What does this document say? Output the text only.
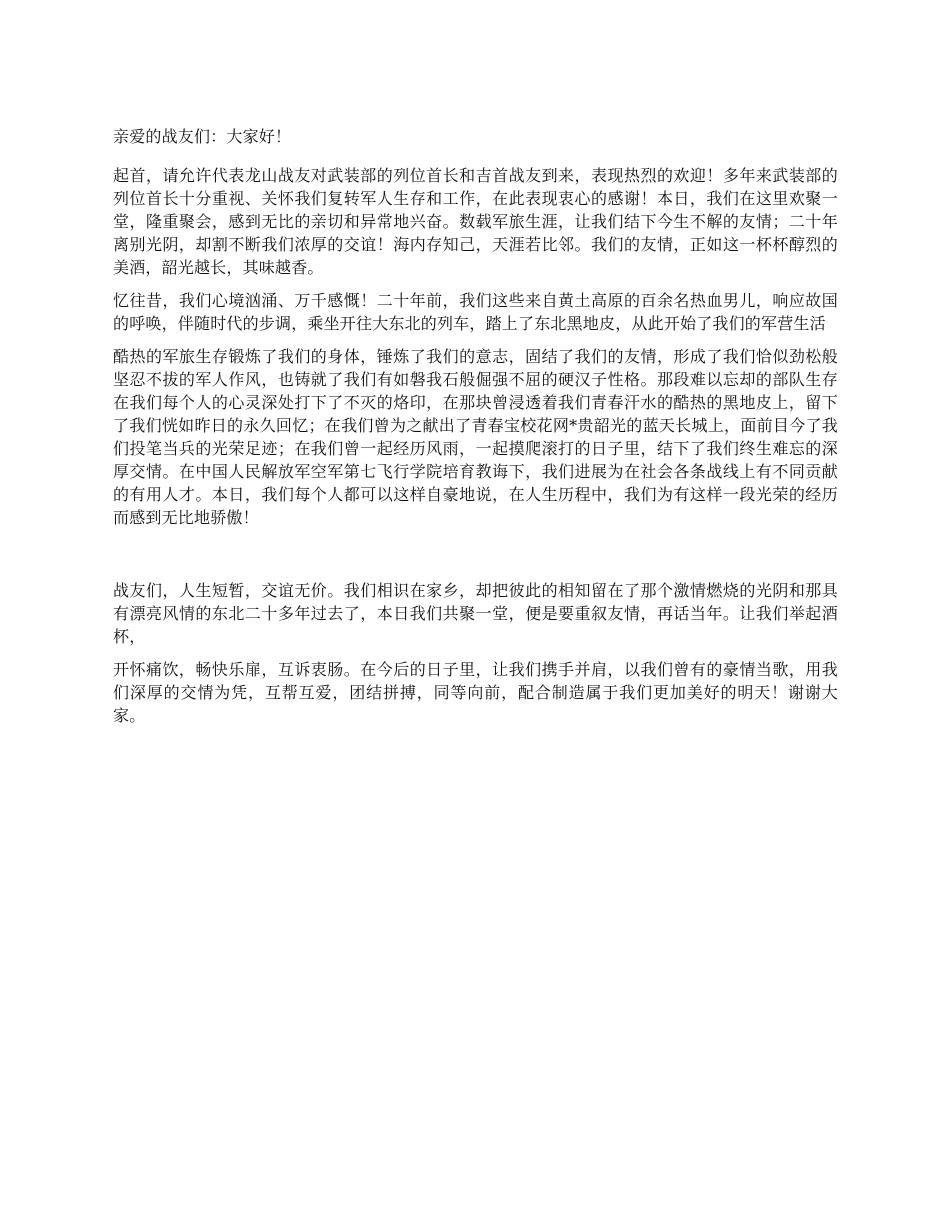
亲爱的战友们：大家好！

起首，请允许代表龙山战友对武装部的列位首长和吉首战友到来，表现热烈的欢迎！多年来武装部的列位首长十分重视、关怀我们复转军人生存和工作，在此表现衷心的感谢！本日，我们在这里欢聚一堂，隆重聚会，感到无比的亲切和异常地兴奋。数载军旅生涯，让我们结下今生不解的友情；二十年离别光阴，却割不断我们浓厚的交谊！海内存知己，天涯若比邻。我们的友情，正如这一杯杯醇烈的美酒，韶光越长，其味越香。

忆往昔，我们心境汹涌、万千感慨！二十年前，我们这些来自黄土高原的百余名热血男儿，响应故国的呼唤，伴随时代的步调，乘坐开往大东北的列车，踏上了东北黑地皮，从此开始了我们的军营生活

酷热的军旅生存锻炼了我们的身体，锤炼了我们的意志，固结了我们的友情，形成了我们恰似劲松般坚忍不拔的军人作风，也铸就了我们有如磐我石般倔强不屈的硬汉子性格。那段难以忘却的部队生存在我们每个人的心灵深处打下了不灭的烙印，在那块曾浸透着我们青春汗水的酷热的黑地皮上，留下了我们恍如昨日的永久回忆；在我们曾为之献出了青春宝校花网*贵韶光的蓝天长城上，面前目今了我们投笔当兵的光荣足迹；在我们曾一起经历风雨，一起摸爬滚打的日子里，结下了我们终生难忘的深厚交情。在中国人民解放军空军第七飞行学院培育教诲下，我们进展为在社会各条战线上有不同贡献的有用人才。本日，我们每个人都可以这样自豪地说，在人生历程中，我们为有这样一段光荣的经历而感到无比地骄傲！

战友们，人生短暂，交谊无价。我们相识在家乡，却把彼此的相知留在了那个激情燃烧的光阴和那具有漂亮风情的东北二十多年过去了，本日我们共聚一堂，便是要重叙友情，再话当年。让我们举起酒杯，

开怀痛饮，畅快乐扉，互诉衷肠。在今后的日子里，让我们携手并肩，以我们曾有的豪情当歌，用我们深厚的交情为凭，互帮互爱，团结拼搏，同等向前，配合制造属于我们更加美好的明天！谢谢大家。
